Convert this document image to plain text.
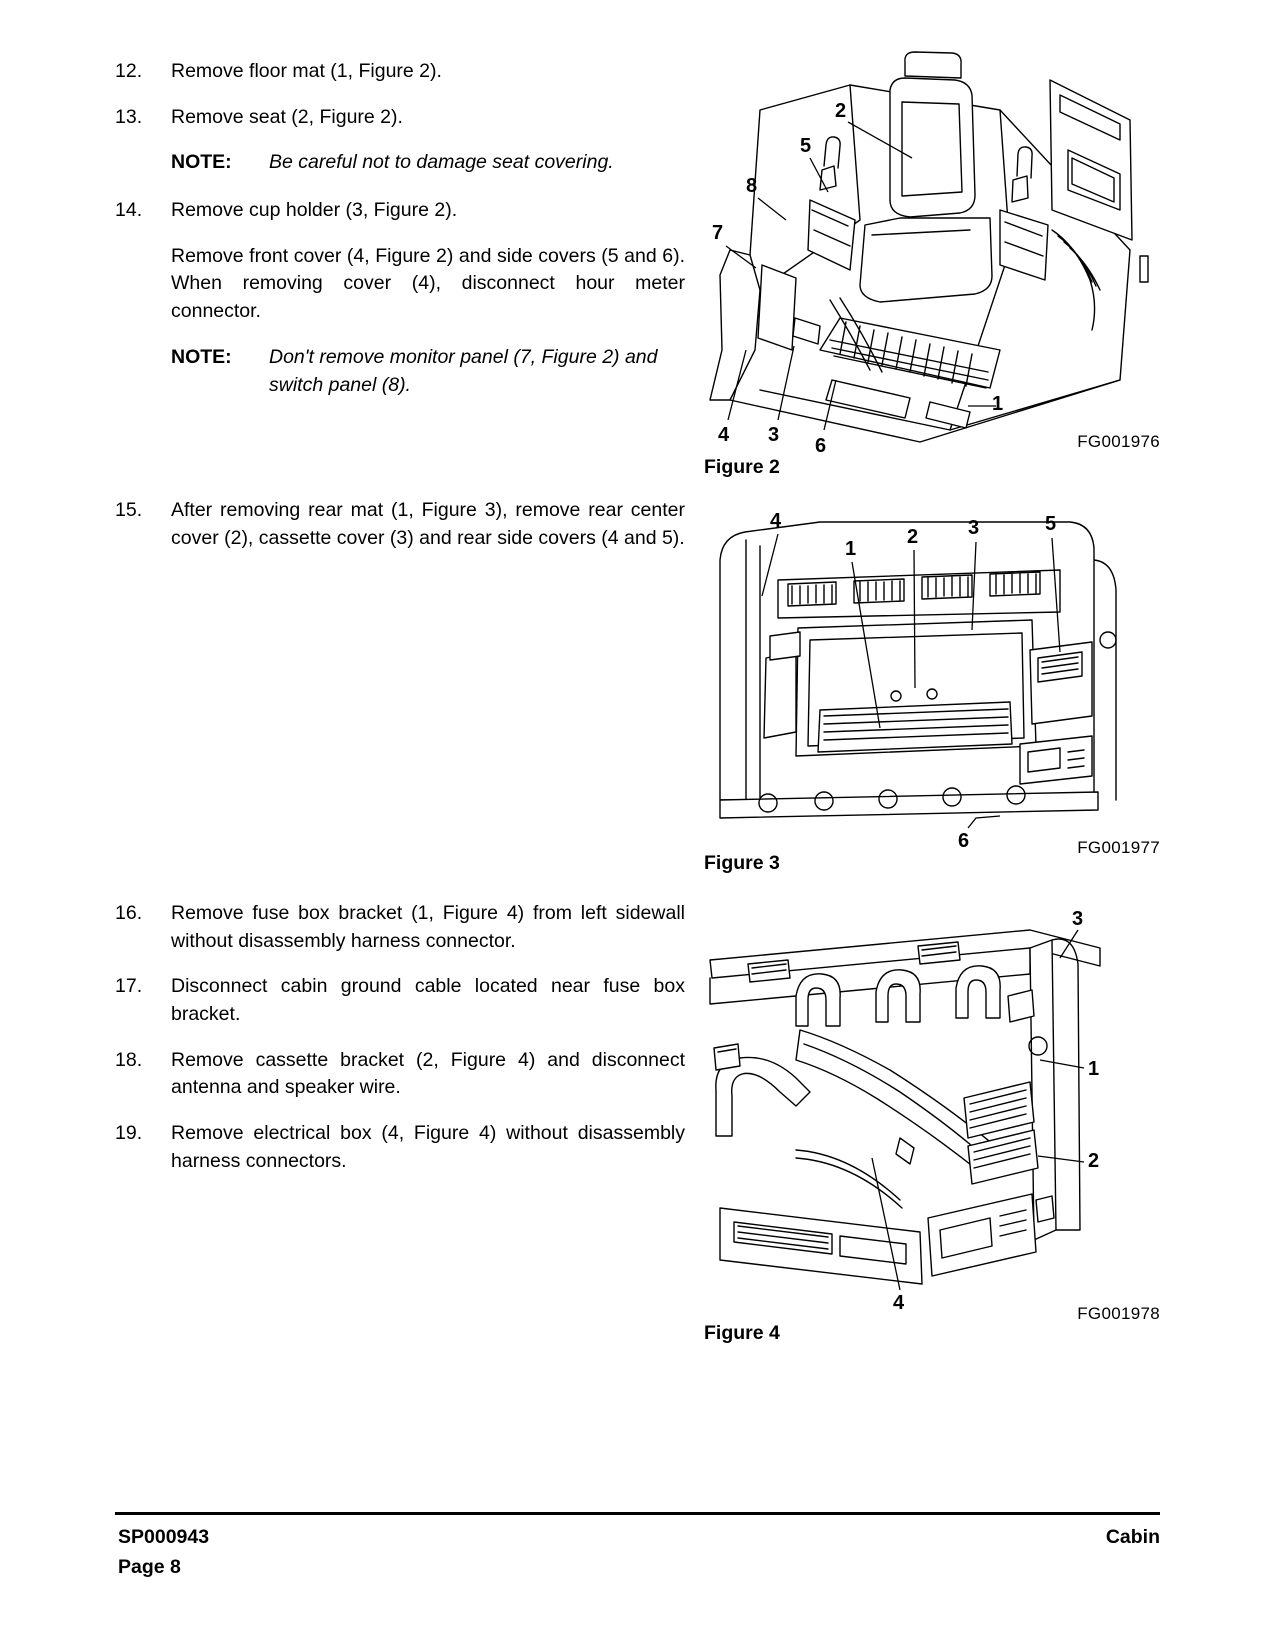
12.	Remove floor mat (1, Figure 2).
13.	Remove seat (2, Figure 2).
NOTE:	Be careful not to damage seat covering.
14.	Remove cup holder (3, Figure 2).
Remove front cover (4, Figure 2) and side covers (5 and 6). When removing cover (4), disconnect hour meter connector.
NOTE:	Don't remove monitor panel (7, Figure 2) and switch panel (8).
2
5
8
7
1
4 3 6
Figure 2
FG001976
15.	After removing rear mat (1, Figure 3), remove rear center cover (2), cassette cover (3) and rear side covers (4 and 5).
4
1
2 3	5
6
Figure 3
FG001977
16.	Remove fuse box bracket (1, Figure 4) from left sidewall without disassembly harness connector.
17.	Disconnect cabin ground cable located near fuse box bracket.
18.	Remove cassette bracket (2, Figure 4) and disconnect antenna and speaker wire.
19.	Remove electrical box (4, Figure 4) without disassembly harness connectors.
3
1
2
4
Figure 4
FG001978
SP000943	Cabin
Page 8
